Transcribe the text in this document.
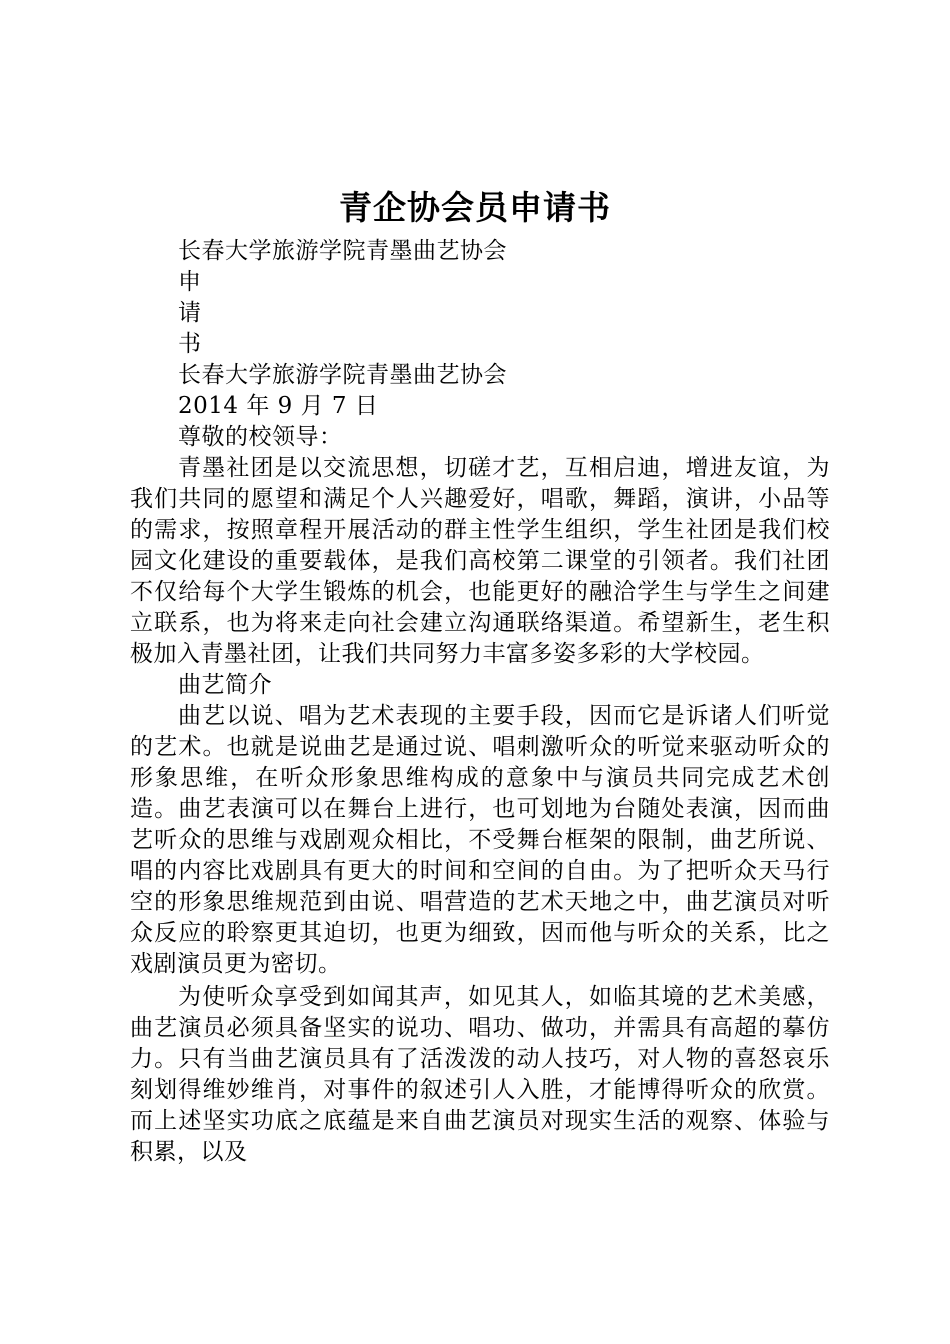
青企协会员申请书

长春大学旅游学院青墨曲艺协会

申

请

书

长春大学旅游学院青墨曲艺协会

2014 年 9 月 7 日

尊敬的校领导：

青墨社团是以交流思想，切磋才艺，互相启迪，增进友谊，为我们共同的愿望和满足个人兴趣爱好，唱歌，舞蹈，演讲，小品等的需求，按照章程开展活动的群主性学生组织，学生社团是我们校园文化建设的重要载体，是我们高校第二课堂的引领者。我们社团不仅给每个大学生锻炼的机会，也能更好的融洽学生与学生之间建立联系，也为将来走向社会建立沟通联络渠道。希望新生，老生积极加入青墨社团，让我们共同努力丰富多姿多彩的大学校园。

曲艺简介

曲艺以说、唱为艺术表现的主要手段，因而它是诉诸人们听觉的艺术。也就是说曲艺是通过说、唱刺激听众的听觉来驱动听众的形象思维，在听众形象思维构成的意象中与演员共同完成艺术创造。曲艺表演可以在舞台上进行，也可划地为台随处表演，因而曲艺听众的思维与戏剧观众相比，不受舞台框架的限制，曲艺所说、唱的内容比戏剧具有更大的时间和空间的自由。为了把听众天马行空的形象思维规范到由说、唱营造的艺术天地之中，曲艺演员对听众反应的聆察更其迫切，也更为细致，因而他与听众的关系，比之戏剧演员更为密切。

为使听众享受到如闻其声，如见其人，如临其境的艺术美感，曲艺演员必须具备坚实的说功、唱功、做功，并需具有高超的摹仿力。只有当曲艺演员具有了活泼泼的动人技巧，对人物的喜怒哀乐刻划得维妙维肖，对事件的叙述引人入胜，才能博得听众的欣赏。而上述坚实功底之底蕴是来自曲艺演员对现实生活的观察、体验与积累，以及
